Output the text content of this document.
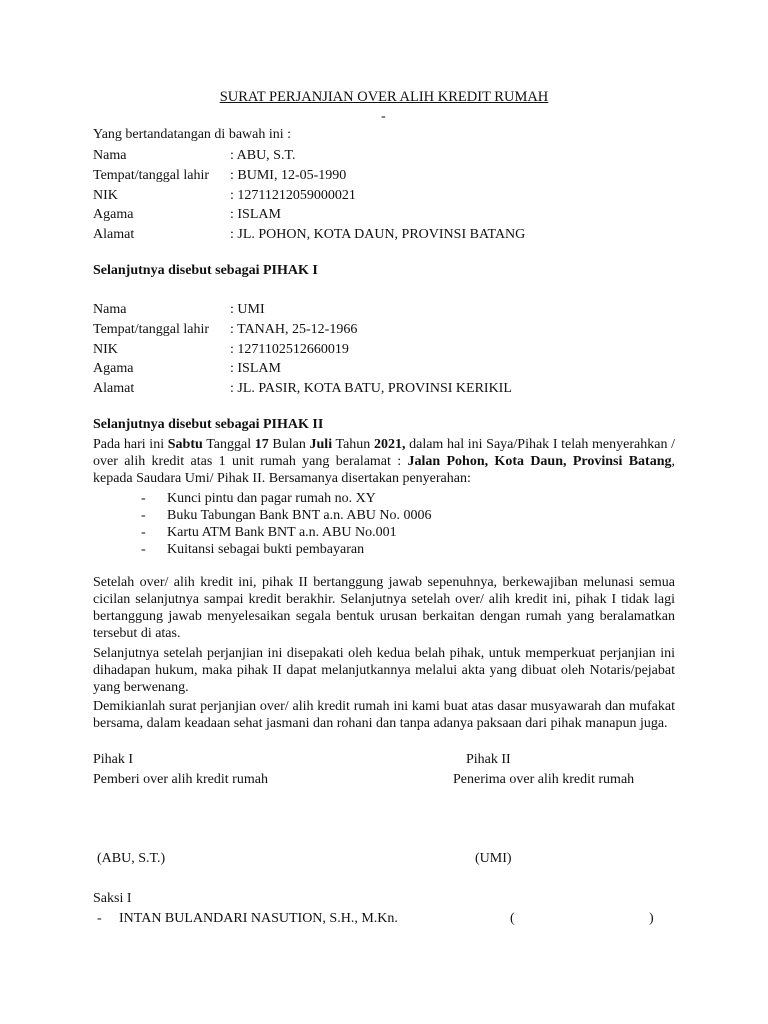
SURAT PERJANJIAN OVER ALIH KREDIT RUMAH
-
Yang bertandatangan di bawah ini :
Nama	: ABU, S.T.
Tempat/tanggal lahir : BUMI, 12-05-1990
NIK	: 12711212059000021
Agama	: ISLAM
Alamat	: JL. POHON, KOTA DAUN, PROVINSI BATANG
Selanjutnya disebut sebagai PIHAK I
Nama	: UMI
Tempat/tanggal lahir : TANAH, 25-12-1966
NIK	: 1271102512660019
Agama	: ISLAM
Alamat	: JL. PASIR, KOTA BATU, PROVINSI KERIKIL
Selanjutnya disebut sebagai PIHAK II
Pada hari ini Sabtu Tanggal 17 Bulan Juli Tahun 2021, dalam hal ini Saya/Pihak I telah menyerahkan / over alih kredit atas 1 unit rumah yang beralamat : Jalan Pohon, Kota Daun, Provinsi Batang, kepada Saudara Umi/ Pihak II. Bersamanya disertakan penyerahan:
- Kunci pintu dan pagar rumah no. XY
- Buku Tabungan Bank BNT a.n. ABU No. 0006
- Kartu ATM Bank BNT a.n. ABU No.001
- Kuitansi sebagai bukti pembayaran
Setelah over/ alih kredit ini, pihak II bertanggung jawab sepenuhnya, berkewajiban melunasi semua cicilan selanjutnya sampai kredit berakhir. Selanjutnya setelah over/ alih kredit ini, pihak I tidak lagi bertanggung jawab menyelesaikan segala bentuk urusan berkaitan dengan rumah yang beralamatkan tersebut di atas.
Selanjutnya setelah perjanjian ini disepakati oleh kedua belah pihak, untuk memperkuat perjanjian ini dihadapan hukum, maka pihak II dapat melanjutkannya melalui akta yang dibuat oleh Notaris/pejabat yang berwenang.
Demikianlah surat perjanjian over/ alih kredit rumah ini kami buat atas dasar musyawarah dan mufakat bersama, dalam keadaan sehat jasmani dan rohani dan tanpa adanya paksaan dari pihak manapun juga.
Pihak I	Pihak II
Pemberi over alih kredit rumah	Penerima over alih kredit rumah
(ABU, S.T.)	(UMI)
Saksi I
- INTAN BULANDARI NASUTION, S.H., M.Kn.	(	)
